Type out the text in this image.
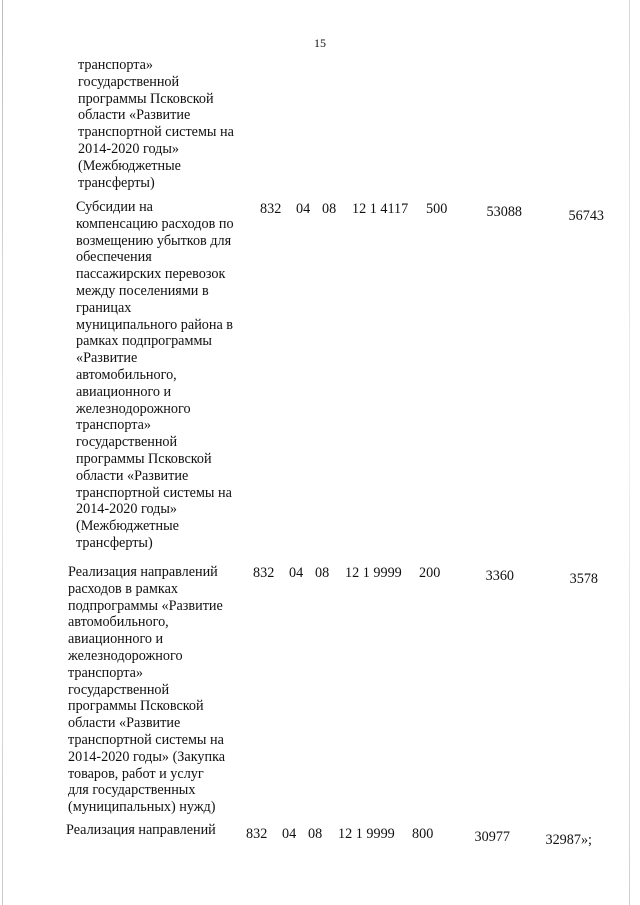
15
транспорта»
государственной
программы Псковской
области «Развитие
транспортной системы на
2014-2020 годы»
(Межбюджетные
трансферты)
Субсидии на
компенсацию расходов по
возмещению убытков для
обеспечения
пассажирских перевозок
между поселениями в
границах
муниципального района в
рамках подпрограммы
«Развитие
автомобильного,
авиационного и
железнодорожного
транспорта»
государственной
программы Псковской
области «Развитие
транспортной системы на
2014-2020 годы»
(Межбюджетные
трансферты)
832 04 08 12 1 4117 500	53088	56743
Реализация направлений
расходов в рамках
подпрограммы «Развитие
автомобильного,
авиационного и
железнодорожного
транспорта»
государственной
программы Псковской
области «Развитие
транспортной системы на
2014-2020 годы» (Закупка
товаров, работ и услуг
для государственных
(муниципальных) нужд)
832 04 08 12 1 9999 200	3360	3578
Реализация направлений 832 04 08 12 1 9999 800	30977	32987»;
